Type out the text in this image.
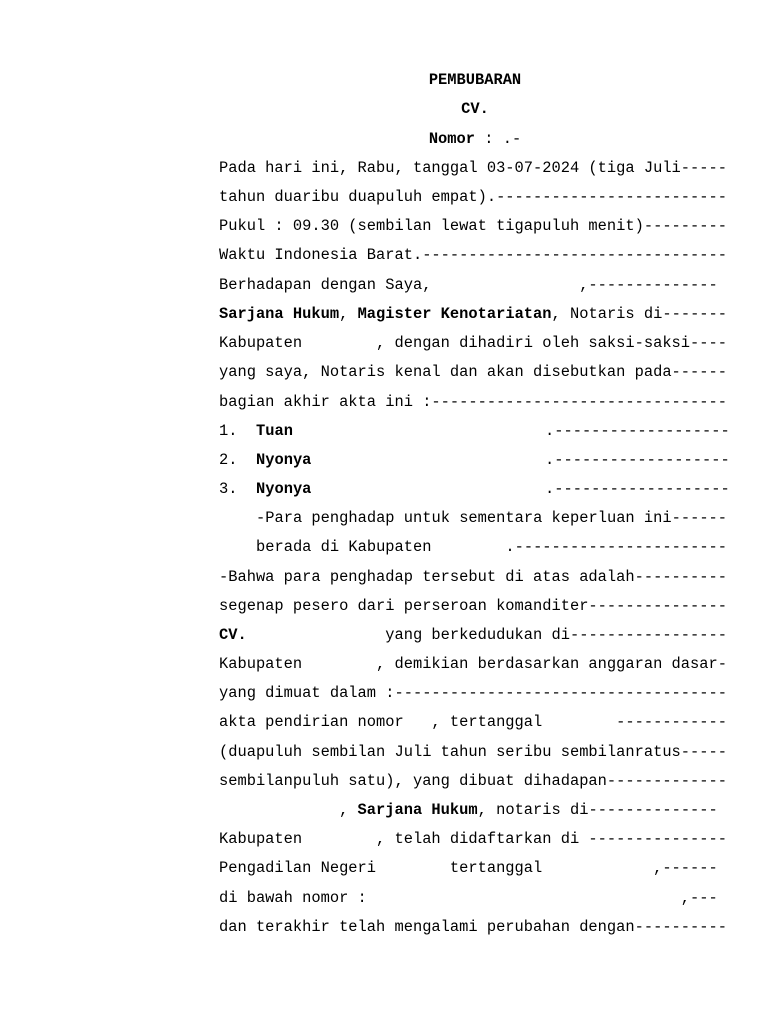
PEMBUBARAN
CV.
Nomor : .-
Pada hari ini, Rabu, tanggal 03-07-2024 (tiga Juli-----
tahun duaribu duapuluh empat).-------------------------
Pukul : 09.30 (sembilan lewat tigapuluh menit)---------
Waktu Indonesia Barat.---------------------------------
Berhadapan dengan Saya,                ,--------------
Sarjana Hukum, Magister Kenotariatan, Notaris di-------
Kabupaten        , dengan dihadiri oleh saksi-saksi----
yang saya, Notaris kenal dan akan disebutkan pada------
bagian akhir akta ini :--------------------------------
1. Tuan	.-------------------
2. Nyonya	.-------------------
3. Nyonya	.-------------------
-Para penghadap untuk sementara keperluan ini------
berada di Kabupaten        .-----------------------
-Bahwa para penghadap tersebut di atas adalah----------
segenap pesero dari perseroan komanditer---------------
CV.               yang berkedudukan di-----------------
Kabupaten        , demikian berdasarkan anggaran dasar-
yang dimuat dalam :------------------------------------
akta pendirian nomor   , tertanggal        ------------
(duapuluh sembilan Juli tahun seribu sembilanratus-----
sembilanpuluh satu), yang dibuat dihadapan-------------
, Sarjana Hukum, notaris di--------------
Kabupaten        , telah didaftarkan di ---------------
Pengadilan Negeri        tertanggal            ,------
di bawah nomor :                                  ,---
dan terakhir telah mengalami perubahan dengan----------
